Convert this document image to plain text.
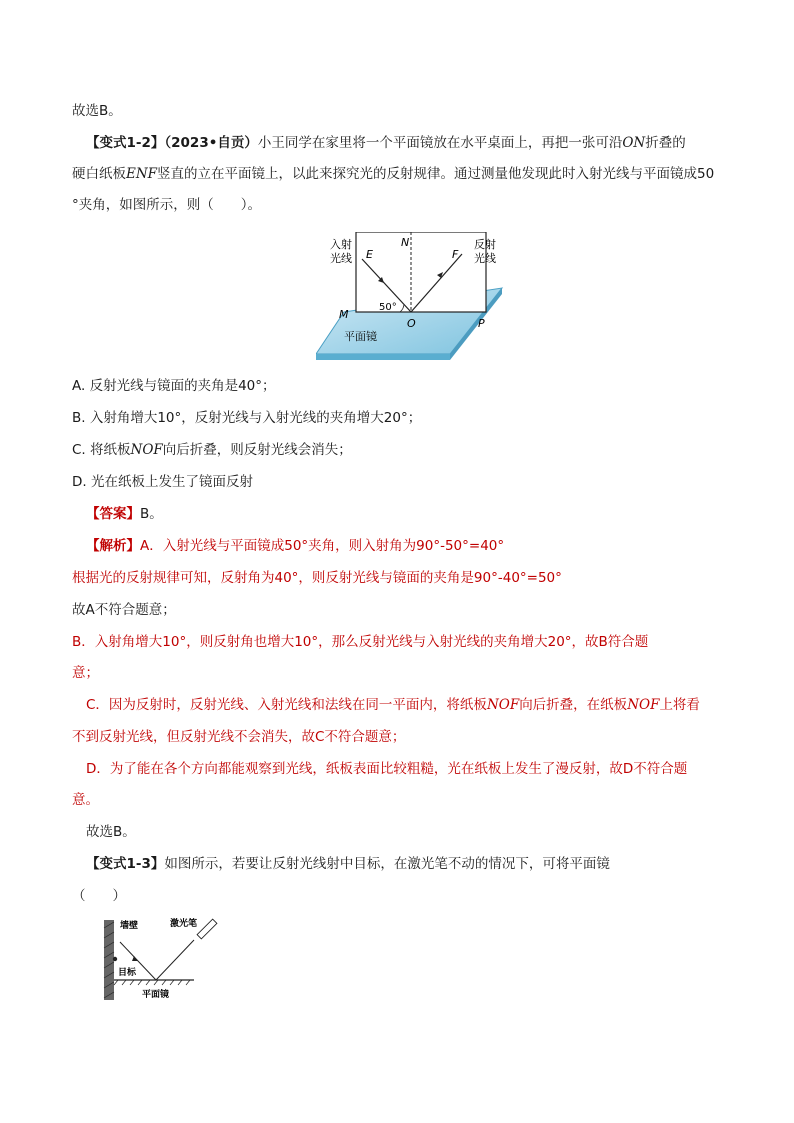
故选B。
【变式1-2】（2023•自贡）小王同学在家里将一个平面镜放在水平桌面上，再把一张可沿ON折叠的
硬白纸板ENF竖直的立在平面镜上，以此来探究光的反射规律。通过测量他发现此时入射光线与平面镜成50
°夹角，如图所示，则（　　）。
入射
光线
反射
光线
E
N
F
M
O	P
50°
平面镜
A. 反射光线与镜面的夹角是40°；
B. 入射角增大10°，反射光线与入射光线的夹角增大20°；
C. 将纸板NOF向后折叠，则反射光线会消失；
D. 光在纸板上发生了镜面反射
【答案】B。
【解析】A．入射光线与平面镜成50°夹角，则入射角为90°-50°=40°
根据光的反射规律可知，反射角为40°，则反射光线与镜面的夹角是90°-40°=50°
故A不符合题意；
B．入射角增大10°，则反射角也增大10°，那么反射光线与入射光线的夹角增大20°，故B符合题
意；
C．因为反射时，反射光线、入射光线和法线在同一平面内，将纸板NOF向后折叠，在纸板NOF上将看
不到反射光线，但反射光线不会消失，故C不符合题意；
D．为了能在各个方向都能观察到光线，纸板表面比较粗糙，光在纸板上发生了漫反射，故D不符合题
意。
故选B。
【变式1-3】如图所示，若要让反射光线射中目标，在激光笔不动的情况下，可将平面镜
（　　）
墙壁	激光笔
目标
平面镜
